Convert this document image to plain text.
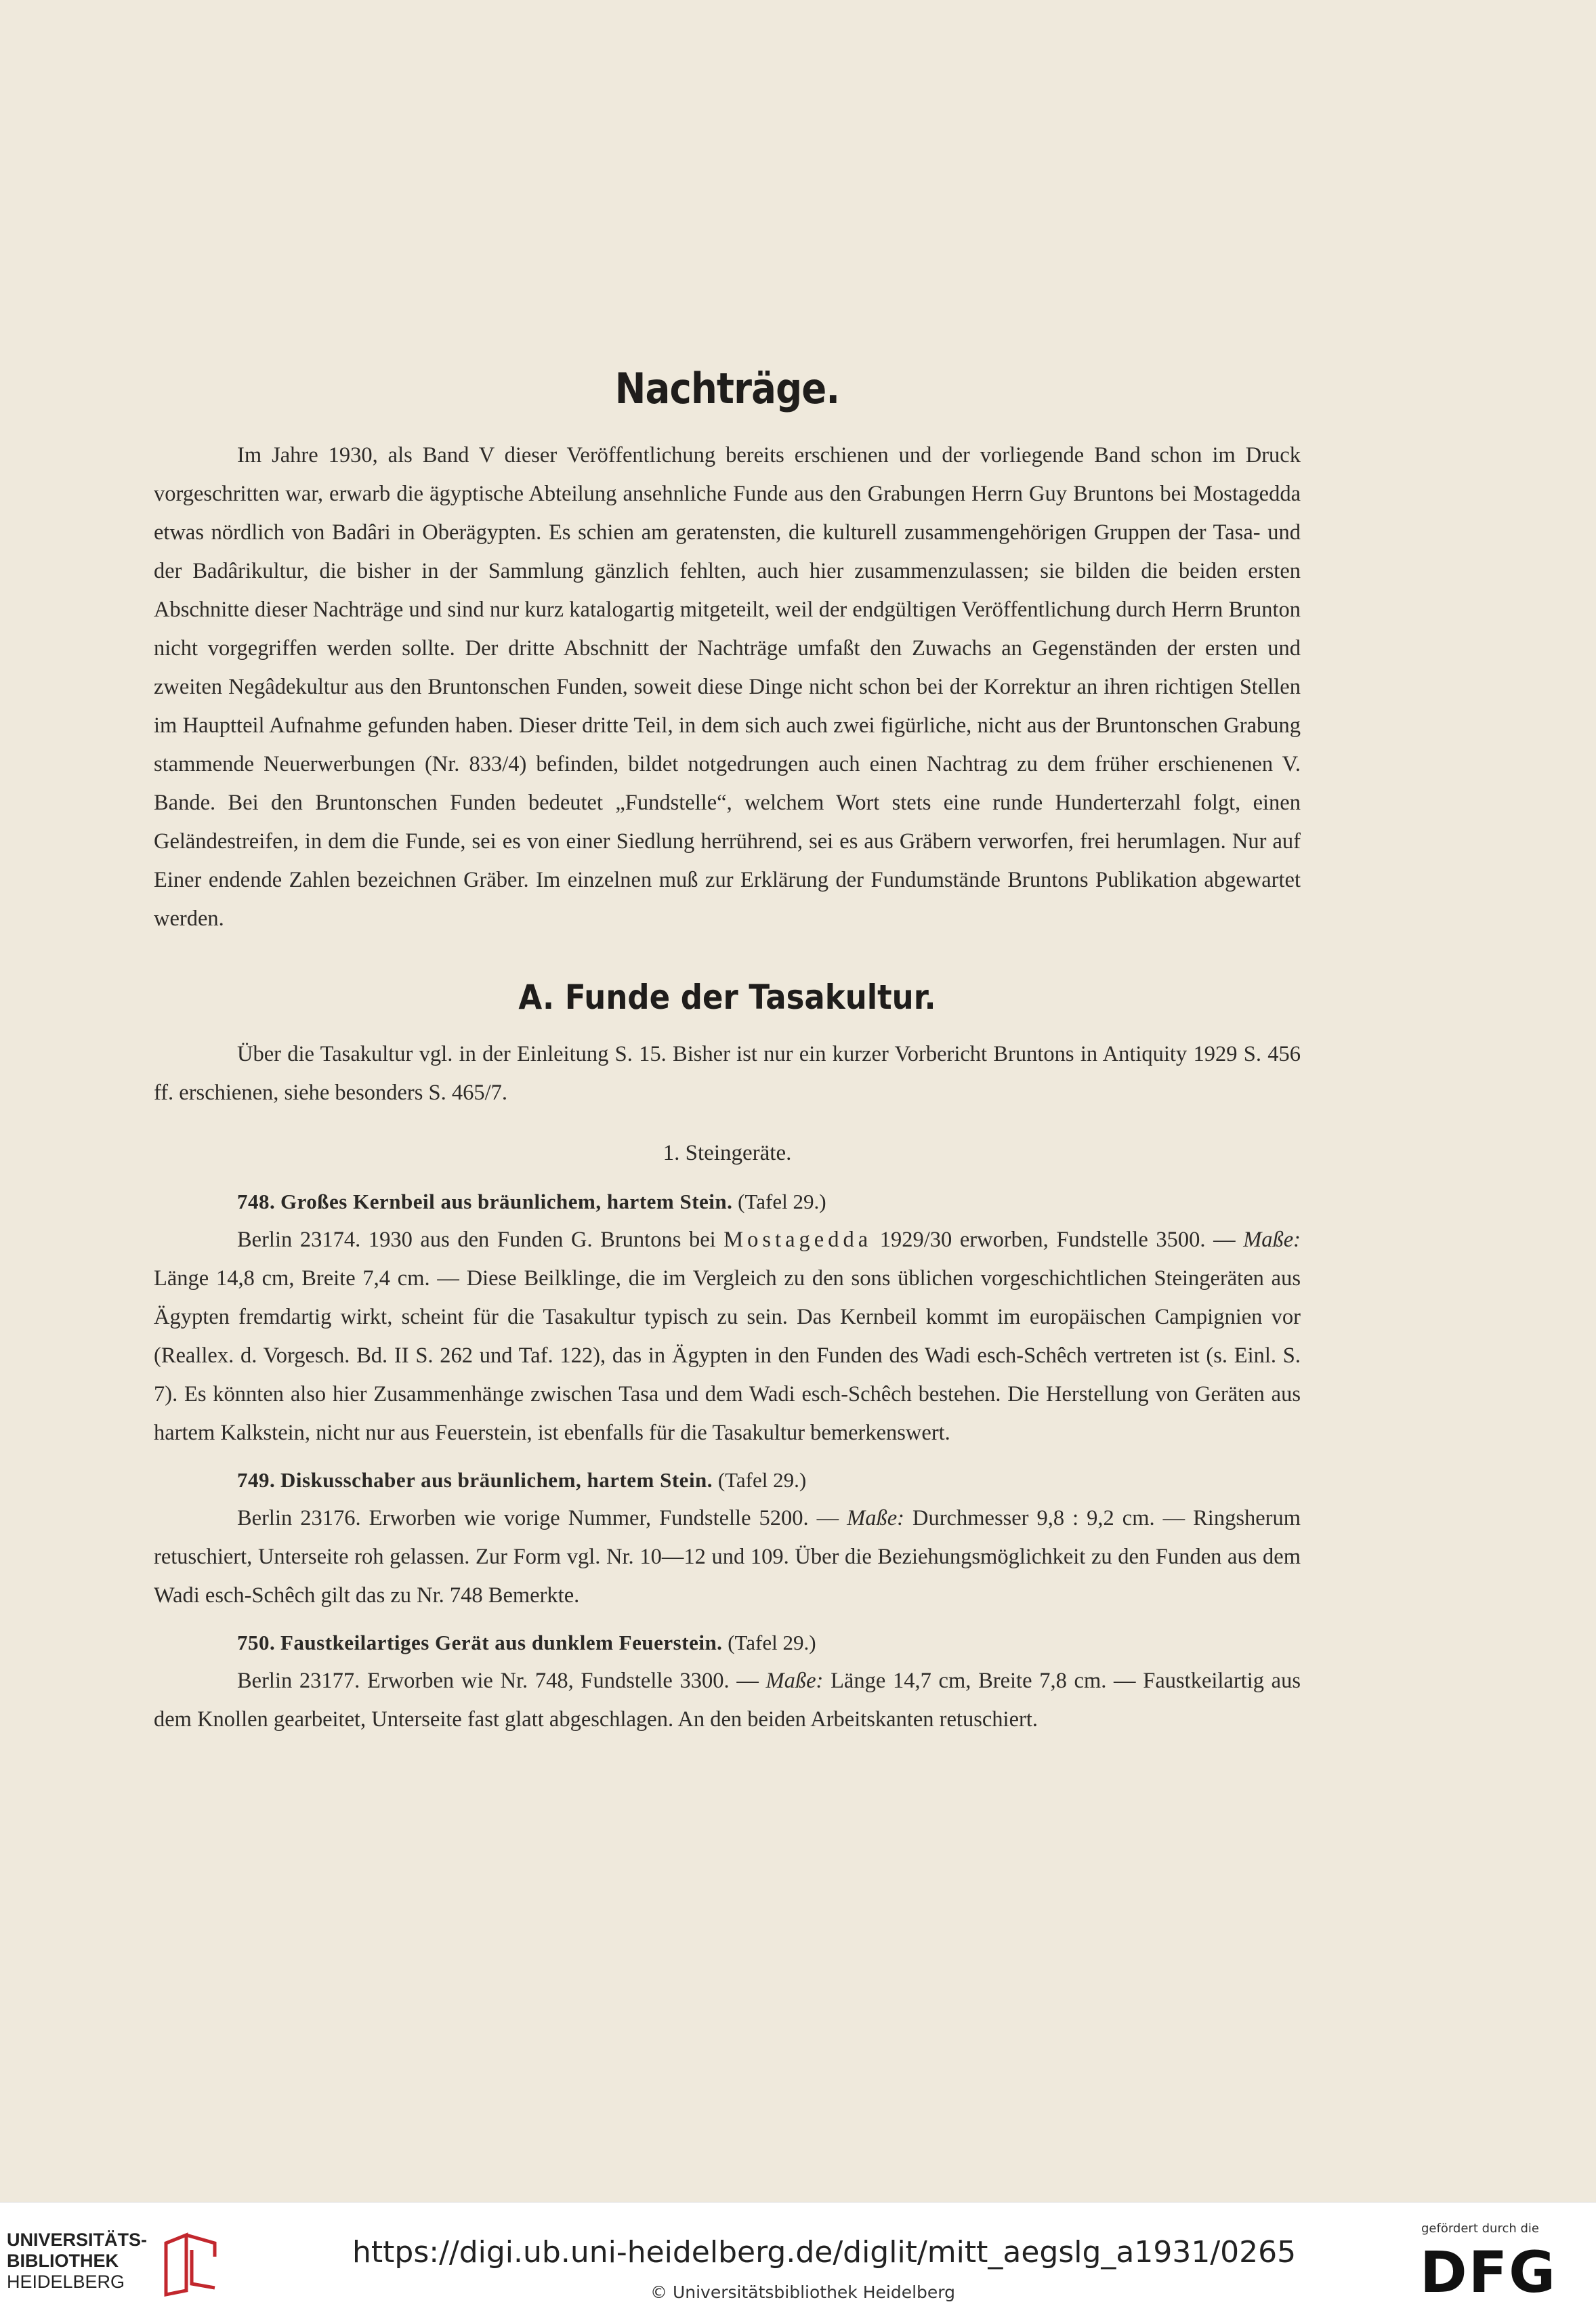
Nachträge.

Im Jahre 1930, als Band V dieser Veröffentlichung bereits erschienen und der vorliegende Band schon im Druck vorgeschritten war, erwarb die ägyptische Abteilung ansehnliche Funde aus den Grabungen Herrn Guy Bruntons bei Mostagedda etwas nördlich von Badâri in Oberägypten. Es schien am geratensten, die kulturell zusammengehörigen Gruppen der Tasa- und der Badârikultur, die bisher in der Sammlung gänzlich fehlten, auch hier zusammenzulassen; sie bilden die beiden ersten Abschnitte dieser Nachträge und sind nur kurz katalogartig mitgeteilt, weil der endgültigen Veröffentlichung durch Herrn Brunton nicht vorgegriffen werden sollte. Der dritte Abschnitt der Nachträge umfaßt den Zuwachs an Gegenständen der ersten und zweiten Negâdekultur aus den Bruntonschen Funden, soweit diese Dinge nicht schon bei der Korrektur an ihren richtigen Stellen im Hauptteil Aufnahme gefunden haben. Dieser dritte Teil, in dem sich auch zwei figürliche, nicht aus der Bruntonschen Grabung stammende Neuerwerbungen (Nr. 833/4) befinden, bildet notgedrungen auch einen Nachtrag zu dem früher erschienenen V. Bande. Bei den Bruntonschen Funden bedeutet „Fundstelle“, welchem Wort stets eine runde Hunderterzahl folgt, einen Geländestreifen, in dem die Funde, sei es von einer Siedlung herrührend, sei es aus Gräbern verworfen, frei herumlagen. Nur auf Einer endende Zahlen bezeichnen Gräber. Im einzelnen muß zur Erklärung der Fundumstände Bruntons Publikation abgewartet werden.

A. Funde der Tasakultur.

Über die Tasakultur vgl. in der Einleitung S. 15. Bisher ist nur ein kurzer Vorbericht Bruntons in Antiquity 1929 S. 456 ff. erschienen, siehe besonders S. 465/7.

1. Steingeräte.
748. Großes Kernbeil aus bräunlichem, hartem Stein. (Tafel 29.)

Berlin 23174. 1930 aus den Funden G. Bruntons bei Mostagedda 1929/30 erworben, Fundstelle 3500. — Maße: Länge 14,8 cm, Breite 7,4 cm. — Diese Beilklinge, die im Vergleich zu den sons üblichen vorgeschichtlichen Steingeräten aus Ägypten fremdartig wirkt, scheint für die Tasakultur typisch zu sein. Das Kernbeil kommt im europäischen Campignien vor (Reallex. d. Vorgesch. Bd. II S. 262 und Taf. 122), das in Ägypten in den Funden des Wadi esch-Schêch vertreten ist (s. Einl. S. 7). Es könnten also hier Zusammenhänge zwischen Tasa und dem Wadi esch-Schêch bestehen. Die Herstellung von Geräten aus hartem Kalkstein, nicht nur aus Feuerstein, ist ebenfalls für die Tasakultur bemerkenswert.

749. Diskusschaber aus bräunlichem, hartem Stein. (Tafel 29.)

Berlin 23176. Erworben wie vorige Nummer, Fundstelle 5200. — Maße: Durchmesser 9,8 : 9,2 cm. — Ringsherum retuschiert, Unterseite roh gelassen. Zur Form vgl. Nr. 10—12 und 109. Über die Beziehungsmöglichkeit zu den Funden aus dem Wadi esch-Schêch gilt das zu Nr. 748 Bemerkte.

750. Faustkeilartiges Gerät aus dunklem Feuerstein. (Tafel 29.)

Berlin 23177. Erworben wie Nr. 748, Fundstelle 3300. — Maße: Länge 14,7 cm, Breite 7,8 cm. — Faustkeilartig aus dem Knollen gearbeitet, Unterseite fast glatt abgeschlagen. An den beiden Arbeitskanten retuschiert.

UNIVERSITÄTS-
BIBLIOTHEK
HEIDELBERG
https://digi.ub.uni-heidelberg.de/diglit/mitt_aegslg_a1931/0265
© Universitätsbibliothek Heidelberg
gefördert durch die
DFG
